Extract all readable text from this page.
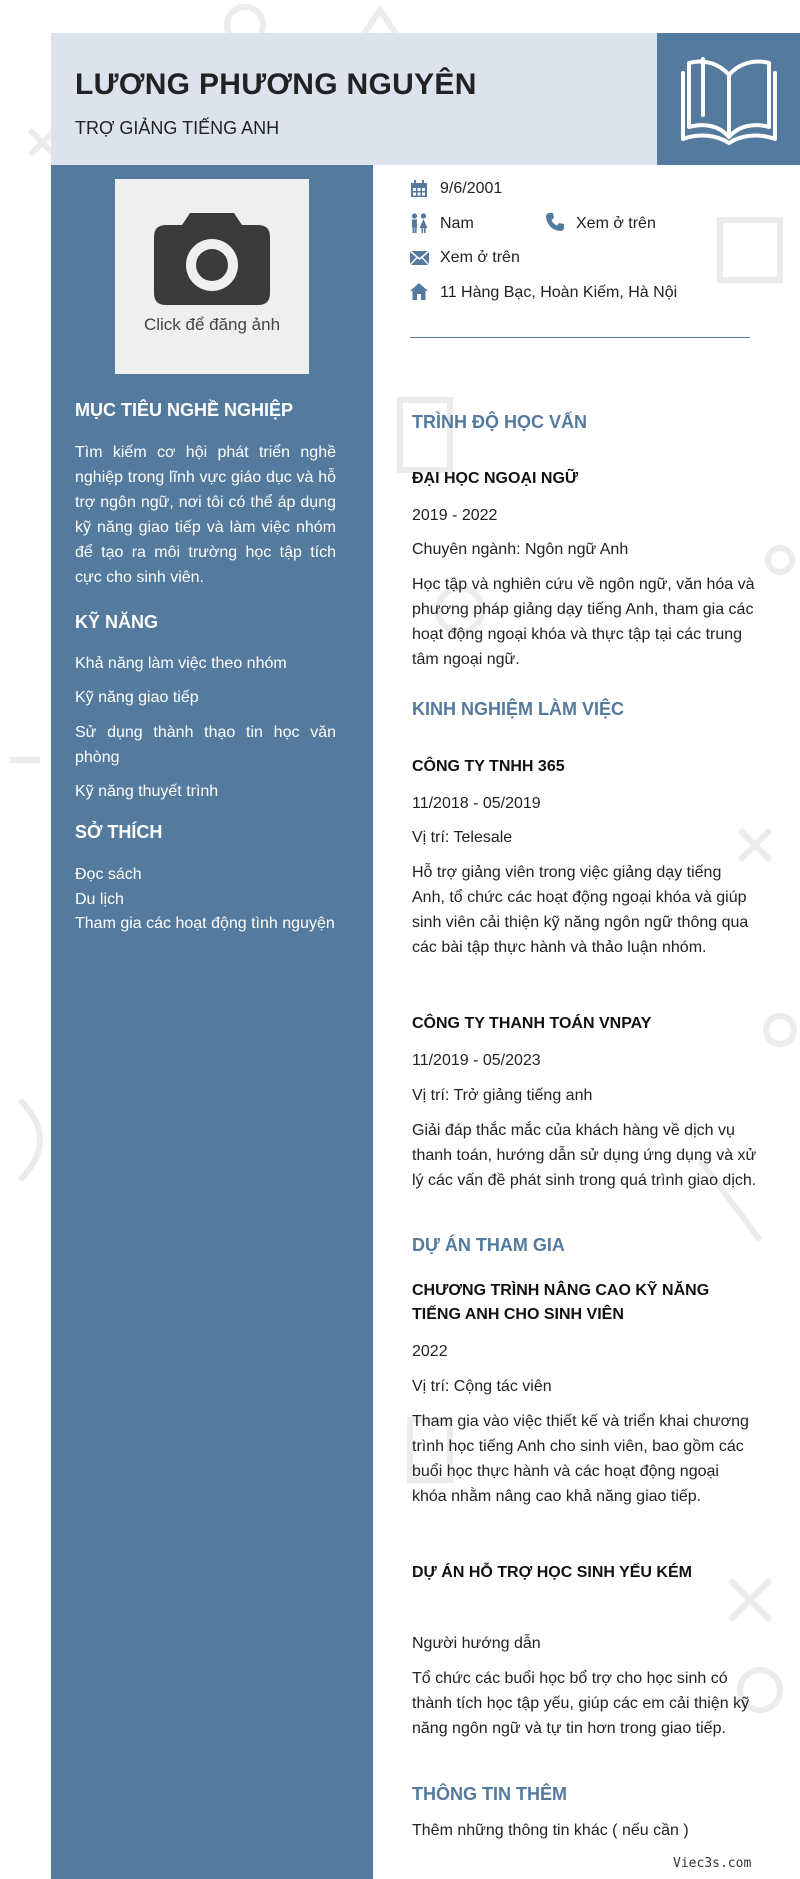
LƯƠNG PHƯƠNG NGUYÊN
TRỢ GIẢNG TIẾNG ANH
Click để đăng ảnh
MỤC TIÊU NGHỀ NGHIỆP

Tìm kiếm cơ hội phát triển nghề nghiệp trong lĩnh vực giáo dục và hỗ trợ ngôn ngữ, nơi tôi có thể áp dụng kỹ năng giao tiếp và làm việc nhóm để tạo ra môi trường học tập tích cực cho sinh viên.

KỸ NĂNG
Khả năng làm việc theo nhóm
Kỹ năng giao tiếp
Sử dụng thành thạo tin học văn phòng
Kỹ năng thuyết trình
SỞ THÍCH
Đọc sách
Du lịch
Tham gia các hoạt động tình nguyện
9/6/2001
Nam	Xem ở trên
Xem ở trên
11 Hàng Bạc, Hoàn Kiếm, Hà Nội
TRÌNH ĐỘ HỌC VẤN
ĐẠI HỌC NGOẠI NGỮ
2019 - 2022
Chuyên ngành: Ngôn ngữ Anh

Học tập và nghiên cứu về ngôn ngữ, văn hóa và phương pháp giảng dạy tiếng Anh, tham gia các hoạt động ngoại khóa và thực tập tại các trung tâm ngoại ngữ.

KINH NGHIỆM LÀM VIỆC
CÔNG TY TNHH 365
11/2018 - 05/2019
Vị trí: Telesale

Hỗ trợ giảng viên trong việc giảng dạy tiếng Anh, tổ chức các hoạt động ngoại khóa và giúp sinh viên cải thiện kỹ năng ngôn ngữ thông qua các bài tập thực hành và thảo luận nhóm.

CÔNG TY THANH TOÁN VNPAY
11/2019 - 05/2023
Vị trí: Trở giảng tiếng anh

Giải đáp thắc mắc của khách hàng về dịch vụ thanh toán, hướng dẫn sử dụng ứng dụng và xử lý các vấn đề phát sinh trong quá trình giao dịch.

DỰ ÁN THAM GIA
CHƯƠNG TRÌNH NÂNG CAO KỸ NĂNG TIẾNG ANH CHO SINH VIÊN
2022
Vị trí: Cộng tác viên

Tham gia vào việc thiết kế và triển khai chương trình học tiếng Anh cho sinh viên, bao gồm các buổi học thực hành và các hoạt động ngoại khóa nhằm nâng cao khả năng giao tiếp.

DỰ ÁN HỖ TRỢ HỌC SINH YẾU KÉM
Người hướng dẫn

Tổ chức các buổi học bổ trợ cho học sinh có thành tích học tập yếu, giúp các em cải thiện kỹ năng ngôn ngữ và tự tin hơn trong giao tiếp.

THÔNG TIN THÊM
Thêm những thông tin khác ( nếu cần )
Viec3s.com
